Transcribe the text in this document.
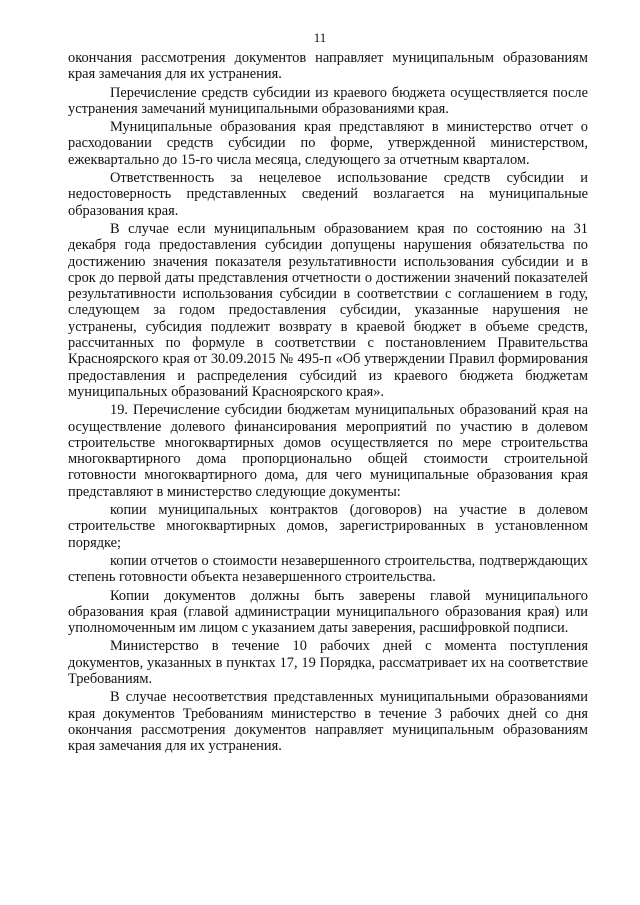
11

окончания рассмотрения документов направляет муниципальным образованиям края замечания для их устранения.

Перечисление средств субсидии из краевого бюджета осуществляется после устранения замечаний муниципальными образованиями края.

Муниципальные образования края представляют в министерство отчет о расходовании средств субсидии по форме, утвержденной министерством, ежеквартально до 15-го числа месяца, следующего за отчетным кварталом.

Ответственность за нецелевое использование средств субсидии и недостоверность представленных сведений возлагается на муниципальные образования края.

В случае если муниципальным образованием края по состоянию на 31 декабря года предоставления субсидии допущены нарушения обязательства по достижению значения показателя результативности использования субсидии и в срок до первой даты представления отчетности о достижении значений показателей результативности использования субсидии в соответствии с соглашением в году, следующем за годом предоставления субсидии, указанные нарушения не устранены, субсидия подлежит возврату в краевой бюджет в объеме средств, рассчитанных по формуле в соответствии с постановлением Правительства Красноярского края от 30.09.2015 № 495-п «Об утверждении Правил формирования предоставления и распределения субсидий из краевого бюджета бюджетам муниципальных образований Красноярского края».

19. Перечисление субсидии бюджетам муниципальных образований края на осуществление долевого финансирования мероприятий по участию в долевом строительстве многоквартирных домов осуществляется по мере строительства многоквартирного дома пропорционально общей стоимости строительной готовности многоквартирного дома, для чего муниципальные образования края представляют в министерство следующие документы:

копии муниципальных контрактов (договоров) на участие в долевом строительстве многоквартирных домов, зарегистрированных в установленном порядке;

копии отчетов о стоимости незавершенного строительства, подтверждающих степень готовности объекта незавершенного строительства.

Копии документов должны быть заверены главой муниципального образования края (главой администрации муниципального образования края) или уполномоченным им лицом с указанием даты заверения, расшифровкой подписи.

Министерство в течение 10 рабочих дней с момента поступления документов, указанных в пунктах 17, 19 Порядка, рассматривает их на соответствие Требованиям.

В случае несоответствия представленных муниципальными образованиями края документов Требованиям министерство в течение 3 рабочих дней со дня окончания рассмотрения документов направляет муниципальным образованиям края замечания для их устранения.
